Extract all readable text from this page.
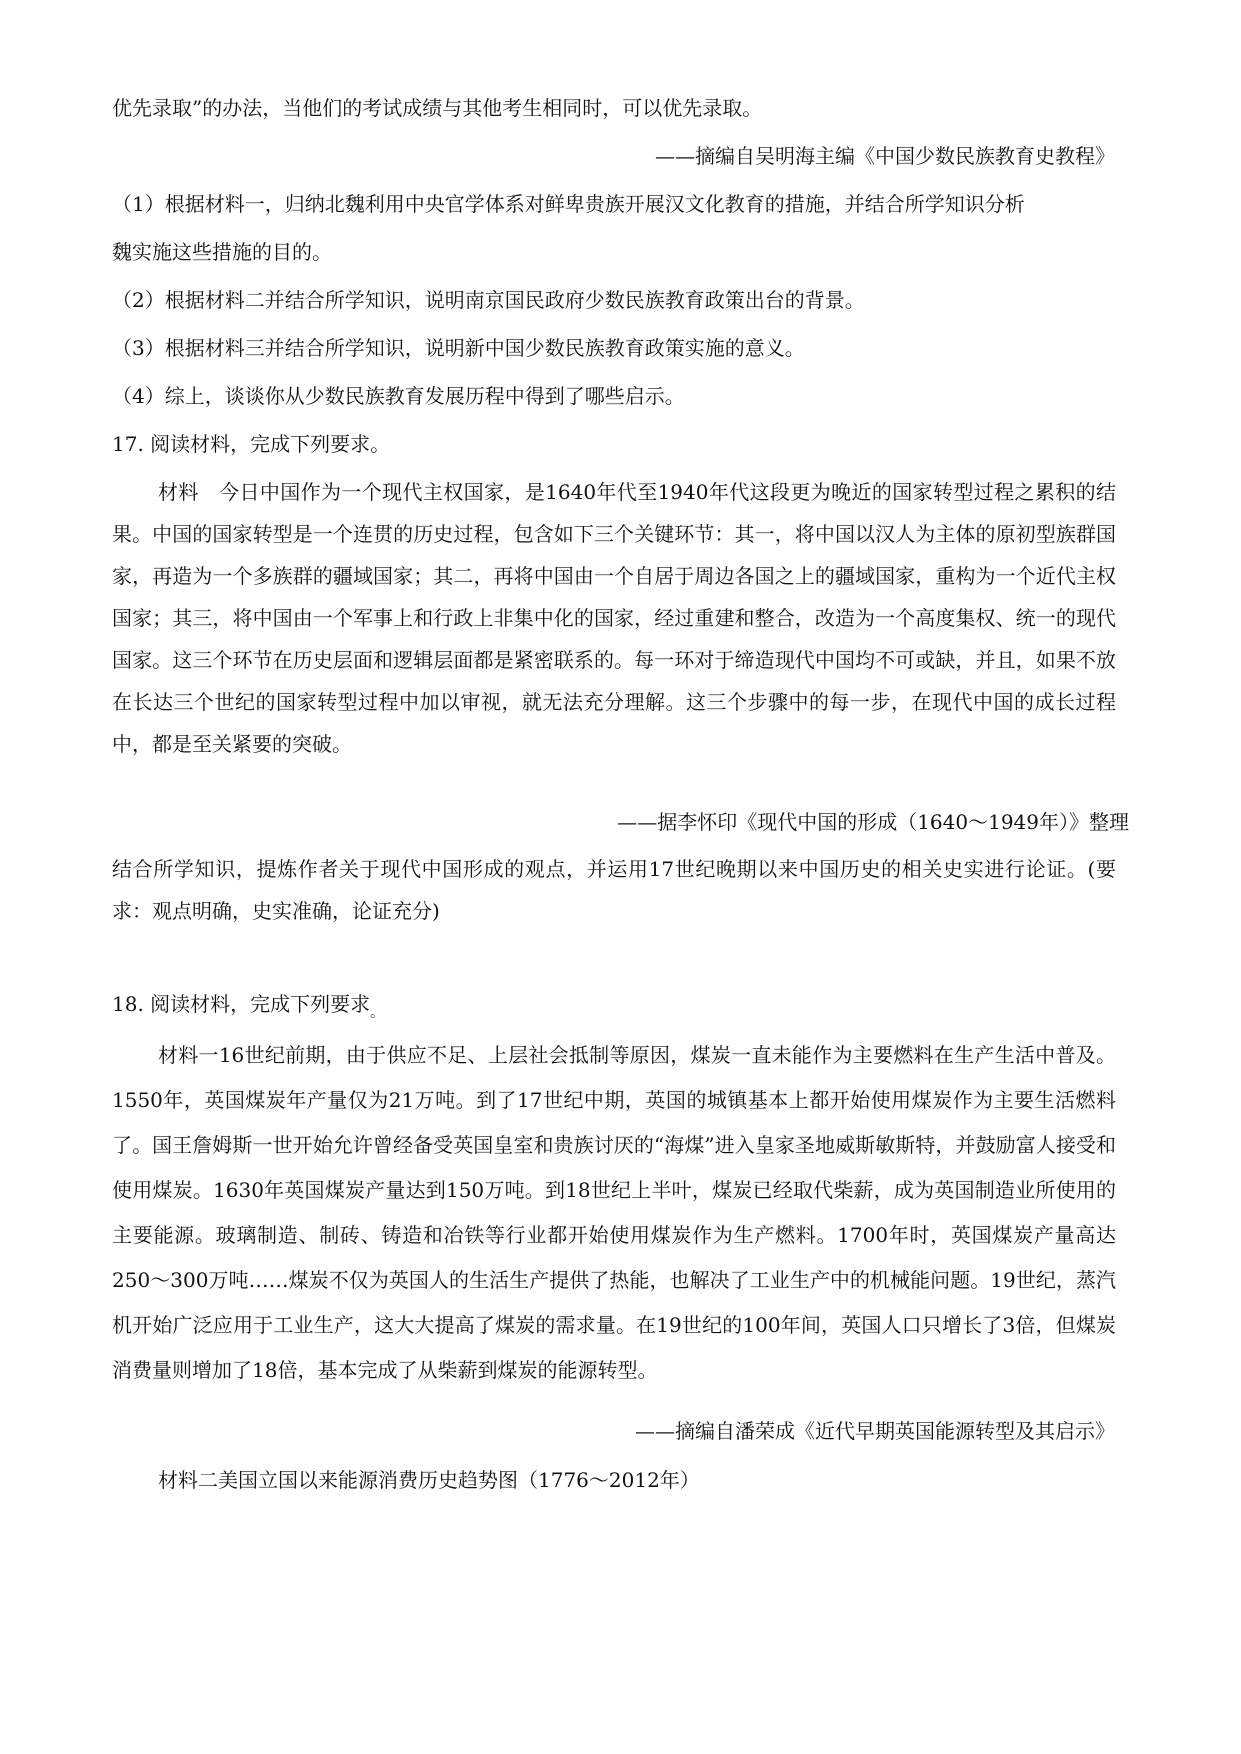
优先录取”的办法，当他们的考试成绩与其他考生相同时，可以优先录取。
——摘编自吴明海主编《中国少数民族教育史教程》
（1）根据材料一，归纳北魏利用中央官学体系对鲜卑贵族开展汉文化教育的措施，并结合所学知识分析
魏实施这些措施的目的。
（2）根据材料二并结合所学知识，说明南京国民政府少数民族教育政策出台的背景。
（3）根据材料三并结合所学知识，说明新中国少数民族教育政策实施的意义。
（4）综上，谈谈你从少数民族教育发展历程中得到了哪些启示。
17. 阅读材料，完成下列要求。
材料　今日中国作为一个现代主权国家，是1640年代至1940年代这段更为晚近的国家转型过程之累积的结果。中国的国家转型是一个连贯的历史过程，包含如下三个关键环节：其一，将中国以汉人为主体的原初型族群国家，再造为一个多族群的疆域国家；其二，再将中国由一个自居于周边各国之上的疆域国家，重构为一个近代主权国家；其三，将中国由一个军事上和行政上非集中化的国家，经过重建和整合，改造为一个高度集权、统一的现代国家。这三个环节在历史层面和逻辑层面都是紧密联系的。每一环对于缔造现代中国均不可或缺，并且，如果不放在长达三个世纪的国家转型过程中加以审视，就无法充分理解。这三个步骤中的每一步，在现代中国的成长过程中，都是至关紧要的突破。
——据李怀印《现代中国的形成（1640～1949年）》整理
结合所学知识，提炼作者关于现代中国形成的观点，并运用17世纪晚期以来中国历史的相关史实进行论证。(要求：观点明确，史实准确，论证充分)
18. 阅读材料，完成下列要求$_。$
材料一16世纪前期，由于供应不足、上层社会抵制等原因，煤炭一直未能作为主要燃料在生产生活中普及。1550年，英国煤炭年产量仅为21万吨。到了17世纪中期，英国的城镇基本上都开始使用煤炭作为主要生活燃料了。国王詹姆斯一世开始允许曾经备受英国皇室和贵族讨厌的“海煤”进入皇家圣地威斯敏斯特，并鼓励富人接受和使用煤炭。1630年英国煤炭产量达到150万吨。到18世纪上半叶，煤炭已经取代柴薪，成为英国制造业所使用的主要能源。玻璃制造、制砖、铸造和冶铁等行业都开始使用煤炭作为生产燃料。1700年时，英国煤炭产量高达250～300万吨……煤炭不仅为英国人的生活生产提供了热能，也解决了工业生产中的机械能问题。19世纪，蒸汽机开始广泛应用于工业生产，这大大提高了煤炭的需求量。在19世纪的100年间，英国人口只增长了3倍，但煤炭消费量则增加了18倍，基本完成了从柴薪到煤炭的能源转型。
——摘编自潘荣成《近代早期英国能源转型及其启示》
材料二美国立国以来能源消费历史趋势图（1776～2012年）
